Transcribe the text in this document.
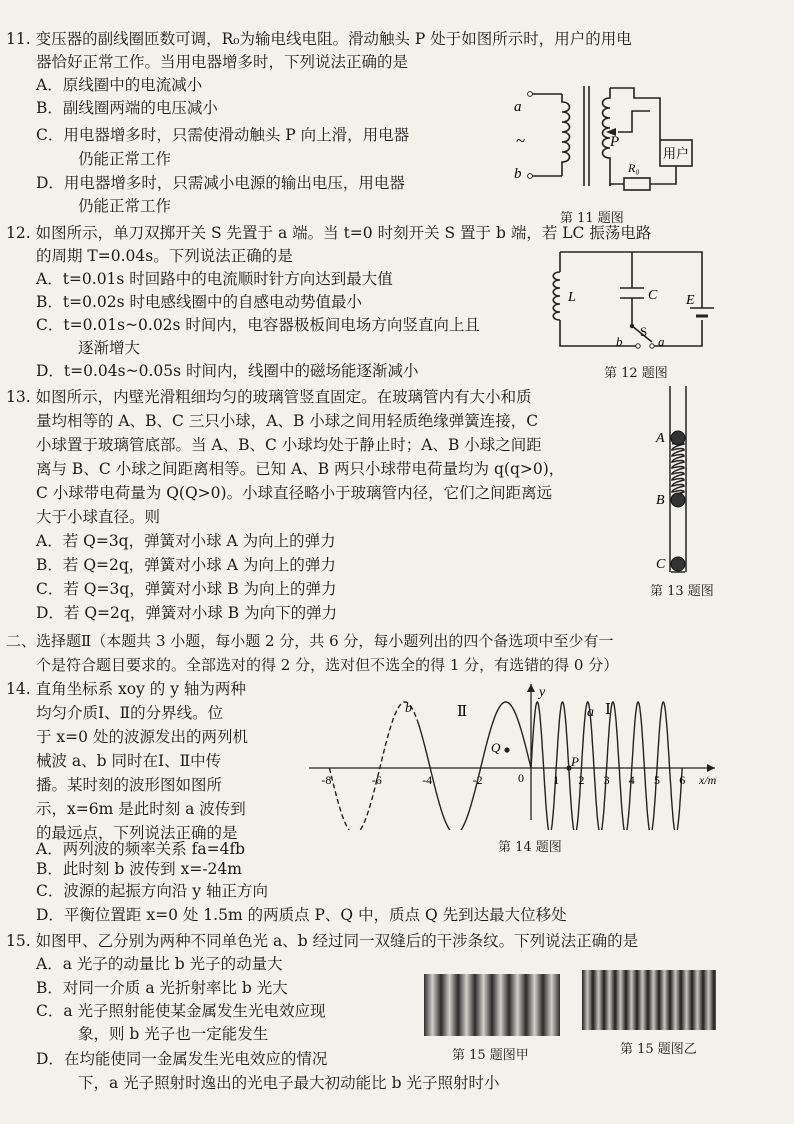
11. 变压器的副线圈匝数可调，R₀为输电线电阻。滑动触头 P 处于如图所示时，用户的用电
器恰好正常工作。当用电器增多时，下列说法正确的是
A．原线圈中的电流减小
B．副线圈两端的电压减小
C．用电器增多时，只需使滑动触头 P 向上滑，用电器
仍能正常工作
D．用电器增多时，只需减小电源的输出电压，用电器
仍能正常工作
a
b
~	P
用户
R₀
第 11 题图
12. 如图所示，单刀双掷开关 S 先置于 a 端。当 t=0 时刻开关 S 置于 b 端，若 LC 振荡电路
的周期 T=0.04s。下列说法正确的是
A．t=0.01s 时回路中的电流顺时针方向达到最大值
B．t=0.02s 时电感线圈中的自感电动势值最小
C．t=0.01s~0.02s 时间内，电容器极板间电场方向竖直向上且
逐渐增大
D．t=0.04s~0.05s 时间内，线圈中的磁场能逐渐减小
L	C E
S
a
b
第 12 题图
13. 如图所示，内壁光滑粗细均匀的玻璃管竖直固定。在玻璃管内有大小和质
量均相等的 A、B、C 三只小球，A、B 小球之间用轻质绝缘弹簧连接，C
小球置于玻璃管底部。当 A、B、C 小球均处于静止时；A、B 小球之间距
离与 B、C 小球之间距离相等。已知 A、B 两只小球带电荷量均为 q(q>0)，
C 小球带电荷量为 Q(Q>0)。小球直径略小于玻璃管内径，它们之间距离远
大于小球直径。则
A．若 Q=3q，弹簧对小球 A 为向上的弹力
B．若 Q=2q，弹簧对小球 A 为向上的弹力
C．若 Q=3q，弹簧对小球 B 为向上的弹力
D．若 Q=2q，弹簧对小球 B 为向下的弹力
A
B
C
第 13 题图
二、选择题Ⅱ（本题共 3 小题，每小题 2 分，共 6 分，每小题列出的四个备选项中至少有一
个是符合题目要求的。全部选对的得 2 分，选对但不选全的得 1 分，有选错的得 0 分）
14. 直角坐标系 xoy 的 y 轴为两种
均匀介质Ⅰ、Ⅱ的分界线。位
于 x=0 处的波源发出的两列机
械波 a、b 同时在Ⅰ、Ⅱ中传
播。某时刻的波形图如图所
示，x=6m 是此时刻 a 波传到
的最远点，下列说法正确的是
A．两列波的频率关系 fa=4fb
B．此时刻 b 波传到 x=-24m
C．波源的起振方向沿 y 轴正方向
D．平衡位置距 x=0 处 1.5m 的两质点 P、Q 中，质点 Q 先到达最大位移处
-8	-6	-4	-2	1 2 3 4 5 6
0
y
x/m
b	a Ⅰ
Ⅱ
Q
P
第 14 题图
15. 如图甲、乙分别为两种不同单色光 a、b 经过同一双缝后的干涉条纹。下列说法正确的是
A．a 光子的动量比 b 光子的动量大
B．对同一介质 a 光折射率比 b 光大
C．a 光子照射能使某金属发生光电效应现
象，则 b 光子也一定能发生
D．在均能使同一金属发生光电效应的情况
下，a 光子照射时逸出的光电子最大初动能比 b 光子照射时小
第 15 题图甲	第 15 题图乙
